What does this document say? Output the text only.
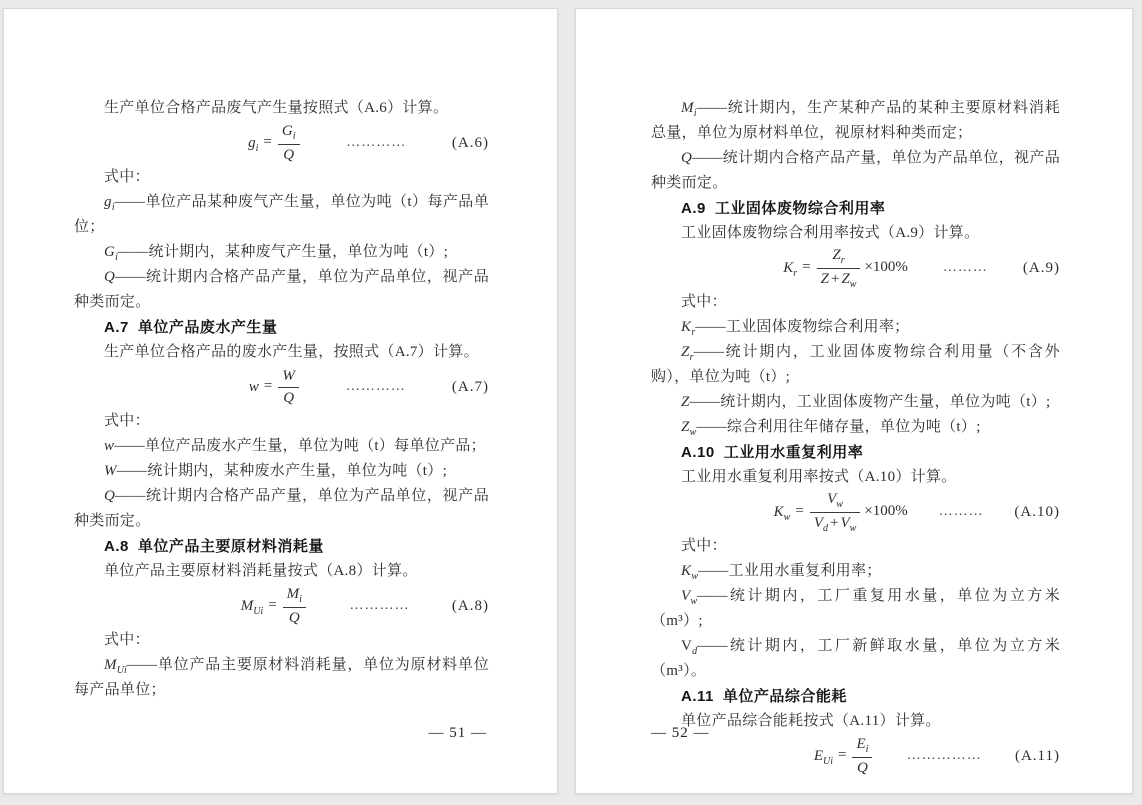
生产单位合格产品废气产生量按照式（A.6）计算。

$g_i = \frac{G_i}{Q}$	…………	(A.6)

式中：

$g_i——$单位产品某种废气产生量，单位为吨（t）每产品单位；

$G_i——$统计期内，某种废气产生量，单位为吨（t）;

Q——统计期内合格产品产量，单位为产品单位，视产品种类而定。

A.7 单位产品废水产生量

生产单位合格产品的废水产生量，按照式（A.7）计算。

$w = \frac{W}{Q}$	…………	(A.7)

式中：

w——单位产品废水产生量，单位为吨（t）每单位产品；

W——统计期内，某种废水产生量，单位为吨（t）;

Q——统计期内合格产品产量，单位为产品单位，视产品种类而定。

A.8 单位产品主要原材料消耗量

单位产品主要原材料消耗量按式（A.8）计算。

$M_{Ui} = \frac{M_i}{Q}$	…………	(A.8)

式中：

$M_{Ui}——$单位产品主要原材料消耗量，单位为原材料单位每产品单位；

— 51 —

$M_i——$统计期内，生产某种产品的某种主要原材料消耗总量，单位为原材料单位，视原材料种类而定；

Q——统计期内合格产品产量，单位为产品单位，视产品种类而定。

A.9 工业固体废物综合利用率

工业固体废物综合利用率按式（A.9）计算。

$K_r = \frac{Z_r}{Z + Z_w} \times 100\%$	………	(A.9)

式中：

$K_r——$工业固体废物综合利用率；

$Z_r——$统计期内，工业固体废物综合利用量（不含外购），单位为吨（t）;

Z——统计期内，工业固体废物产生量，单位为吨（t）;

$Z_w——$综合利用往年储存量，单位为吨（t）;

A.10 工业用水重复利用率

工业用水重复利用率按式（A.10）计算。

$K_w = \frac{V_w}{V_d + V_w} \times 100\%$	………	(A.10)

式中：

$K_w——$工业用水重复利用率；

$V_w——$统计期内，工厂重复用水量，单位为立方米（m³）;

$V_d——$统计期内，工厂新鲜取水量，单位为立方米（m³）。

A.11 单位产品综合能耗

单位产品综合能耗按式（A.11）计算。

$E_{Ui} = \frac{E_i}{Q}$	……………	(A.11)
— 52 —
